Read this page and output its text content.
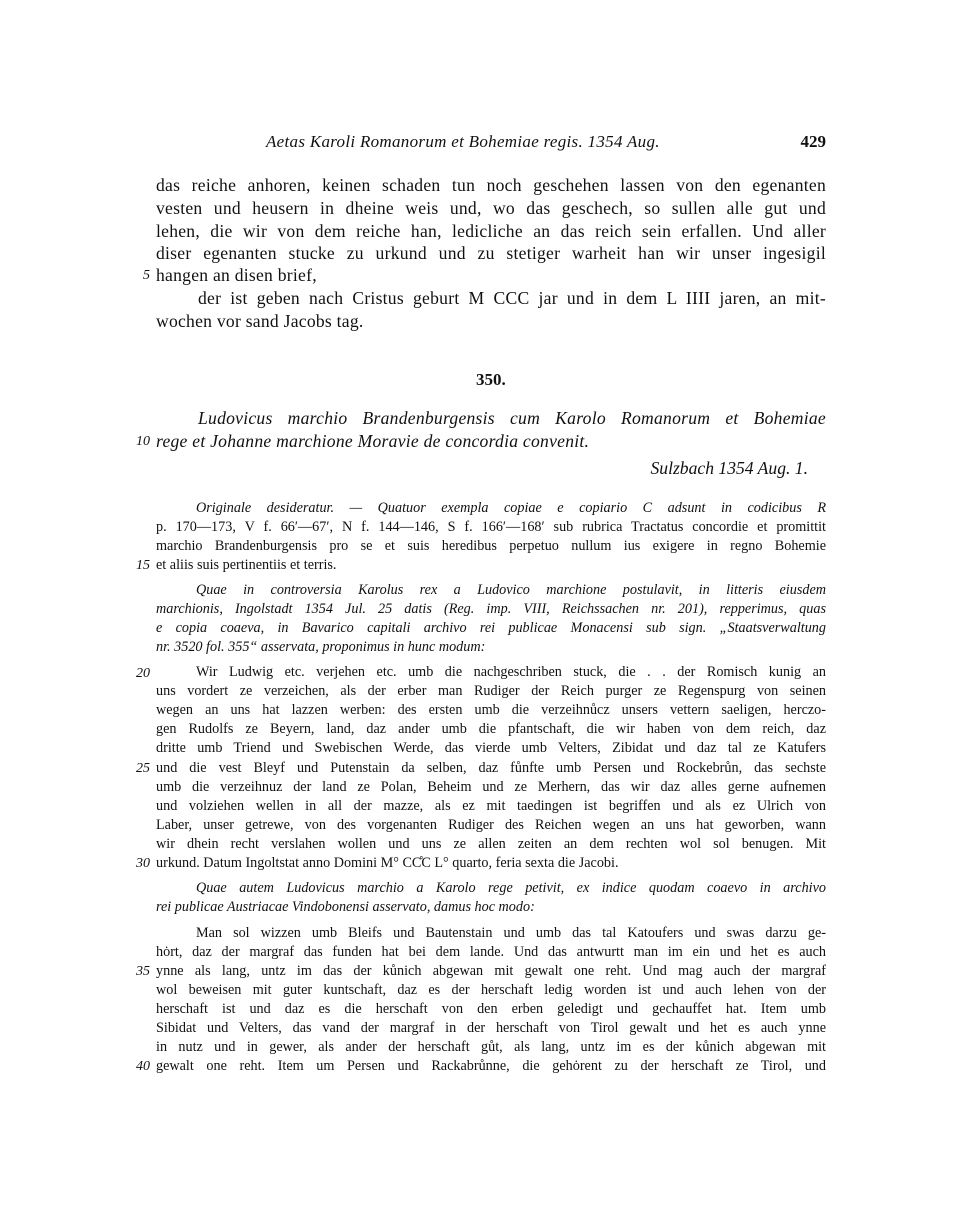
Aetas Karoli Romanorum et Bohemiae regis. 1354 Aug.	429
das reiche anhoren, keinen schaden tun noch geschehen lassen von den egenanten
vesten und heusern in dheine weis und, wo das geschech, so sullen alle gut und
lehen, die wir von dem reiche han, ledicliche an das reich sein erfallen. Und aller
diser egenanten stucke zu urkund und zu stetiger warheit han wir unser ingesigil
5 hangen an disen brief,
der ist geben nach Cristus geburt M CCC jar und in dem L IIII jaren, an mit-
wochen vor sand Jacobs tag.
350.
Ludovicus marchio Brandenburgensis cum Karolo Romanorum et Bohemiae
10 rege et Johanne marchione Moravie de concordia convenit.
Sulzbach 1354 Aug. 1.
Originale desideratur. — Quatuor exempla copiae e copiario C adsunt in codicibus R
p. 170—173, V f. 66′—67′, N f. 144—146, S f. 166′—168′ sub rubrica Tractatus concordie et promittit
marchio Brandenburgensis pro se et suis heredibus perpetuo nullum ius exigere in regno Bohemie
15 et aliis suis pertinentiis et terris.
Quae in controversia Karolus rex a Ludovico marchione postulavit, in litteris eiusdem
marchionis, Ingolstadt 1354 Jul. 25 datis (Reg. imp. VIII, Reichssachen nr. 201), repperimus, quas
e copia coaeva, in Bavarico capitali archivo rei publicae Monacensi sub sign. „Staatsverwaltung
nr. 3520 fol. 355“ asservata, proponimus in hunc modum:
20	Wir Ludwig etc. verjehen etc. umb die nachgeschriben stuck, die . . der Romisch kunig an
uns vordert ze verzeichen, als der erber man Rudiger der Reich purger ze Regenspurg von seinen
wegen an uns hat lazzen werben: des ersten umb die verzeihnůcz unsers vettern saeligen, herczo-
gen Rudolfs ze Beyern, land, daz ander umb die pfantschaft, die wir haben von dem reich, daz
dritte umb Triend und Swebischen Werde, das vierde umb Velters, Zibidat und daz tal ze Katufers
25 und die vest Bleyf und Putenstain da selben, daz fůnfte umb Persen und Rockebrůn, das sechste
umb die verzeihnuz der land ze Polan, Beheim und ze Merhern, das wir daz alles gerne aufnemen
und volziehen wellen in all der mazze, als ez mit taedingen ist begriffen und als ez Ulrich von
Laber, unser getrewe, von des vorgenanten Rudiger des Reichen wegen an uns hat geworben, wann
wir dhein recht verslahen wollen und uns ze allen zeiten an dem rechten wol sol benugen. Mit
30 urkund. Datum Ingoltstat anno Domini M° CC̊C L° quarto, feria sexta die Jacobi.
Quae autem Ludovicus marchio a Karolo rege petivit, ex indice quodam coaevo in archivo
rei publicae Austriacae Vindobonensi asservato, damus hoc modo:
Man sol wizzen umb Bleifs und Bautenstain und umb das tal Katoufers und swas darzu ge-
hȯrt, daz der margraf das funden hat bei dem lande. Und das antwurtt man im ein und het es auch
35 ynne als lang, untz im das der kůnich abgewan mit gewalt one reht. Und mag auch der margraf
wol beweisen mit guter kuntschaft, daz es der herschaft ledig worden ist und auch lehen von der
herschaft ist und daz es die herschaft von den erben geledigt und gechauffet hat. Item umb
Sibidat und Velters, das vand der margraf in der herschaft von Tirol gewalt und het es auch ynne
in nutz und in gewer, als ander der herschaft gůt, als lang, untz im es der kůnich abgewan mit
40 gewalt one reht. Item um Persen und Rackabrůnne, die gehȯrent zu der herschaft ze Tirol, und
